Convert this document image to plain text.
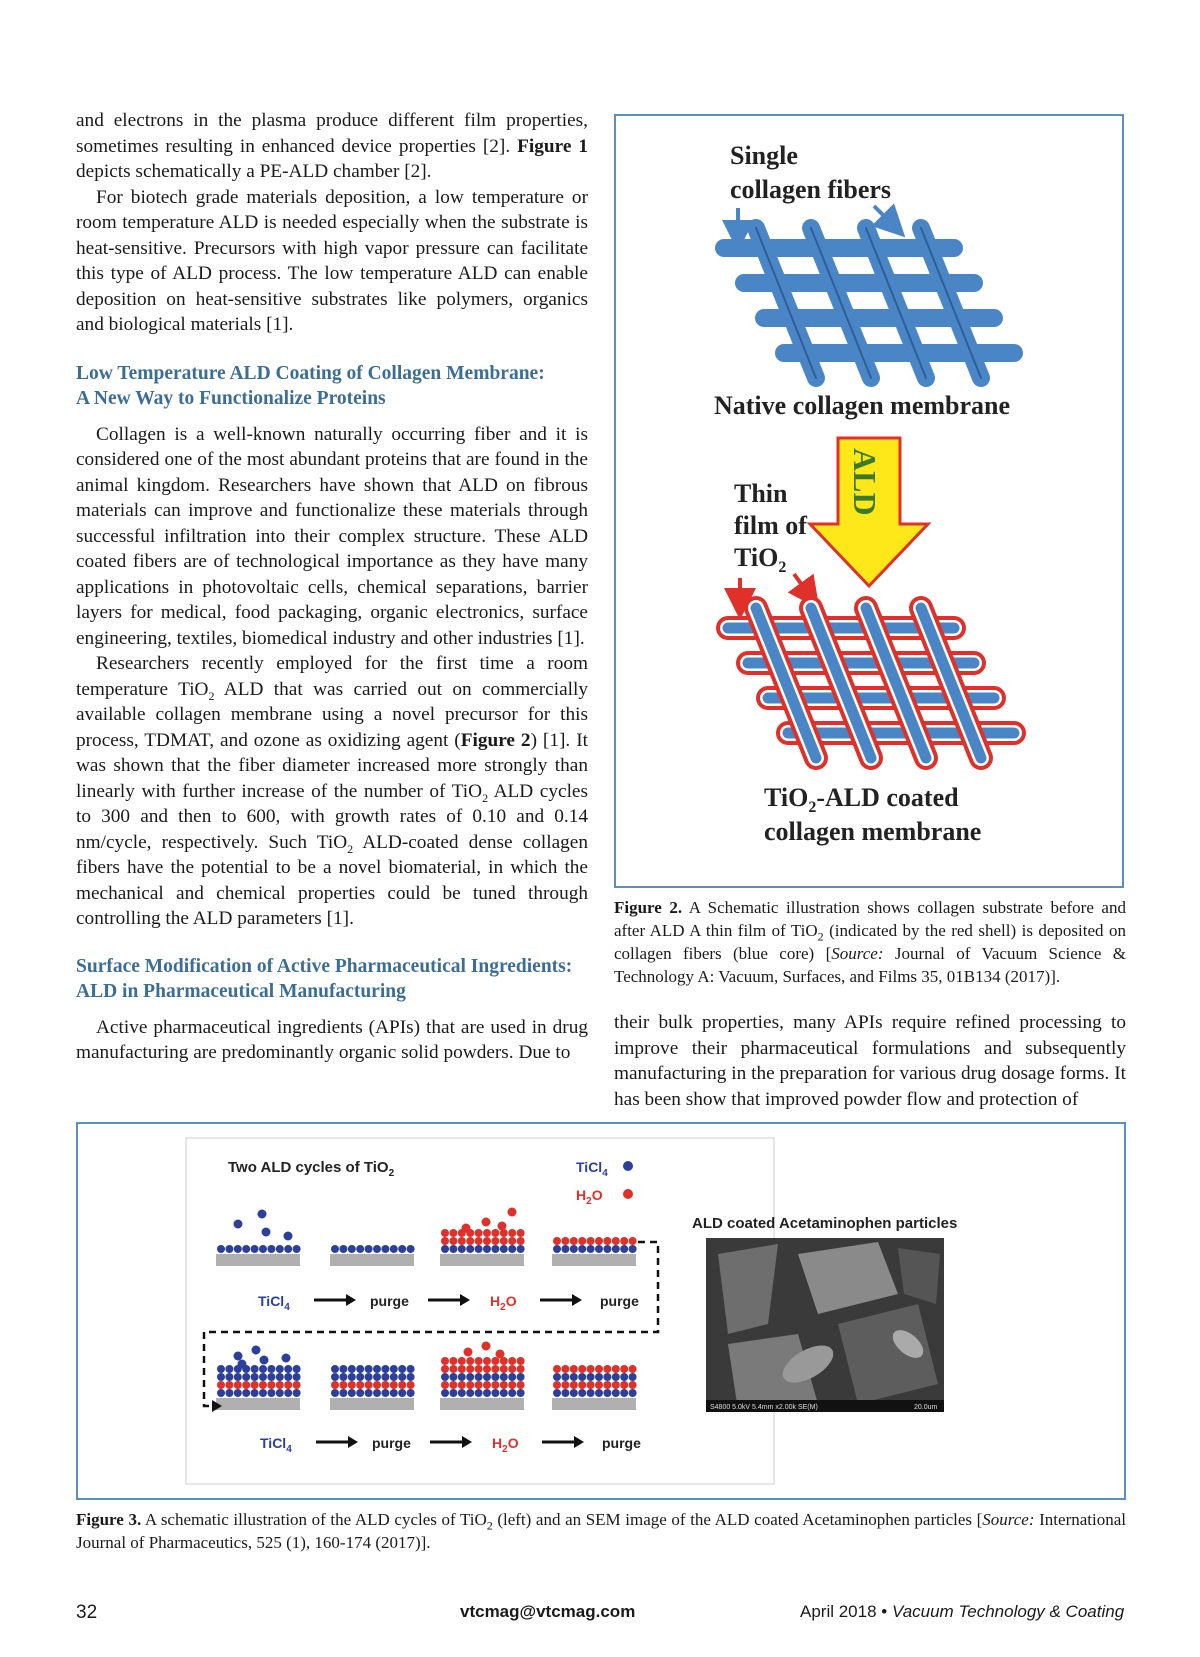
and electrons in the plasma produce different film properties, sometimes resulting in enhanced device properties [2]. Figure 1 depicts schematically a PE-ALD chamber [2].

For biotech grade materials deposition, a low temperature or room temperature ALD is needed especially when the substrate is heat-sensitive. Precursors with high vapor pressure can facilitate this type of ALD process. The low temperature ALD can enable deposition on heat-sensitive substrates like polymers, organics and biological materials [1].

Low Temperature ALD Coating of Collagen Membrane:
A New Way to Functionalize Proteins

Collagen is a well-known naturally occurring fiber and it is considered one of the most abundant proteins that are found in the animal kingdom. Researchers have shown that ALD on fibrous materials can improve and functionalize these materials through successful infiltration into their complex structure. These ALD coated fibers are of technological importance as they have many applications in photovoltaic cells, chemical separations, barrier layers for medical, food packaging, organic electronics, surface engineering, textiles, biomedical industry and other industries [1].

Researchers recently employed for the first time a room temperature TiO$_2$ ALD that was carried out on commercially available collagen membrane using a novel precursor for this process, TDMAT, and ozone as oxidizing agent (Figure 2) [1]. It was shown that the fiber diameter increased more strongly than linearly with further increase of the number of TiO$_2$ ALD cycles to 300 and then to 600, with growth rates of 0.10 and 0.14 nm/cycle, respectively. Such TiO$_2$ ALD-coated dense collagen fibers have the potential to be a novel biomaterial, in which the mechanical and chemical properties could be tuned through controlling the ALD parameters [1].

Surface Modification of Active Pharmaceutical Ingredients:
ALD in Pharmaceutical Manufacturing

Active pharmaceutical ingredients (APIs) that are used in drug manufacturing are predominantly organic solid powders. Due to

Single
collagen fibers
Native collagen membrane
ALD
Thin
film of
TiO$_2$
TiO$_2$-ALD coated
collagen membrane

Figure 2. A Schematic illustration shows collagen substrate before and after ALD A thin film of TiO$_2$ (indicated by the red shell) is deposited on collagen fibers (blue core) [Source: Journal of Vacuum Science & Technology A: Vacuum, Surfaces, and Films 35, 01B134 (2017)].

their bulk properties, many APIs require refined processing to improve their pharmaceutical formulations and subsequently manufacturing in the preparation for various drug dosage forms. It has been show that improved powder flow and protection of

Two ALD cycles of TiO$_2$	TiCl$_4$
$H_2O$
TiCl$_4$	purge	$H_2O$	purge
TiCl$_4$	purge	$H_2O$	purge
ALD coated Acetaminophen particles
S4800 5.0kV 5.4mm x2.00k SE(M)	20.0um

Figure 3. A schematic illustration of the ALD cycles of TiO$_2$ (left) and an SEM image of the ALD coated Acetaminophen particles [Source: International Journal of Pharmaceutics, 525 (1), 160-174 (2017)].

32	vtcmag@vtcmag.com	April 2018 • Vacuum Technology & Coating
